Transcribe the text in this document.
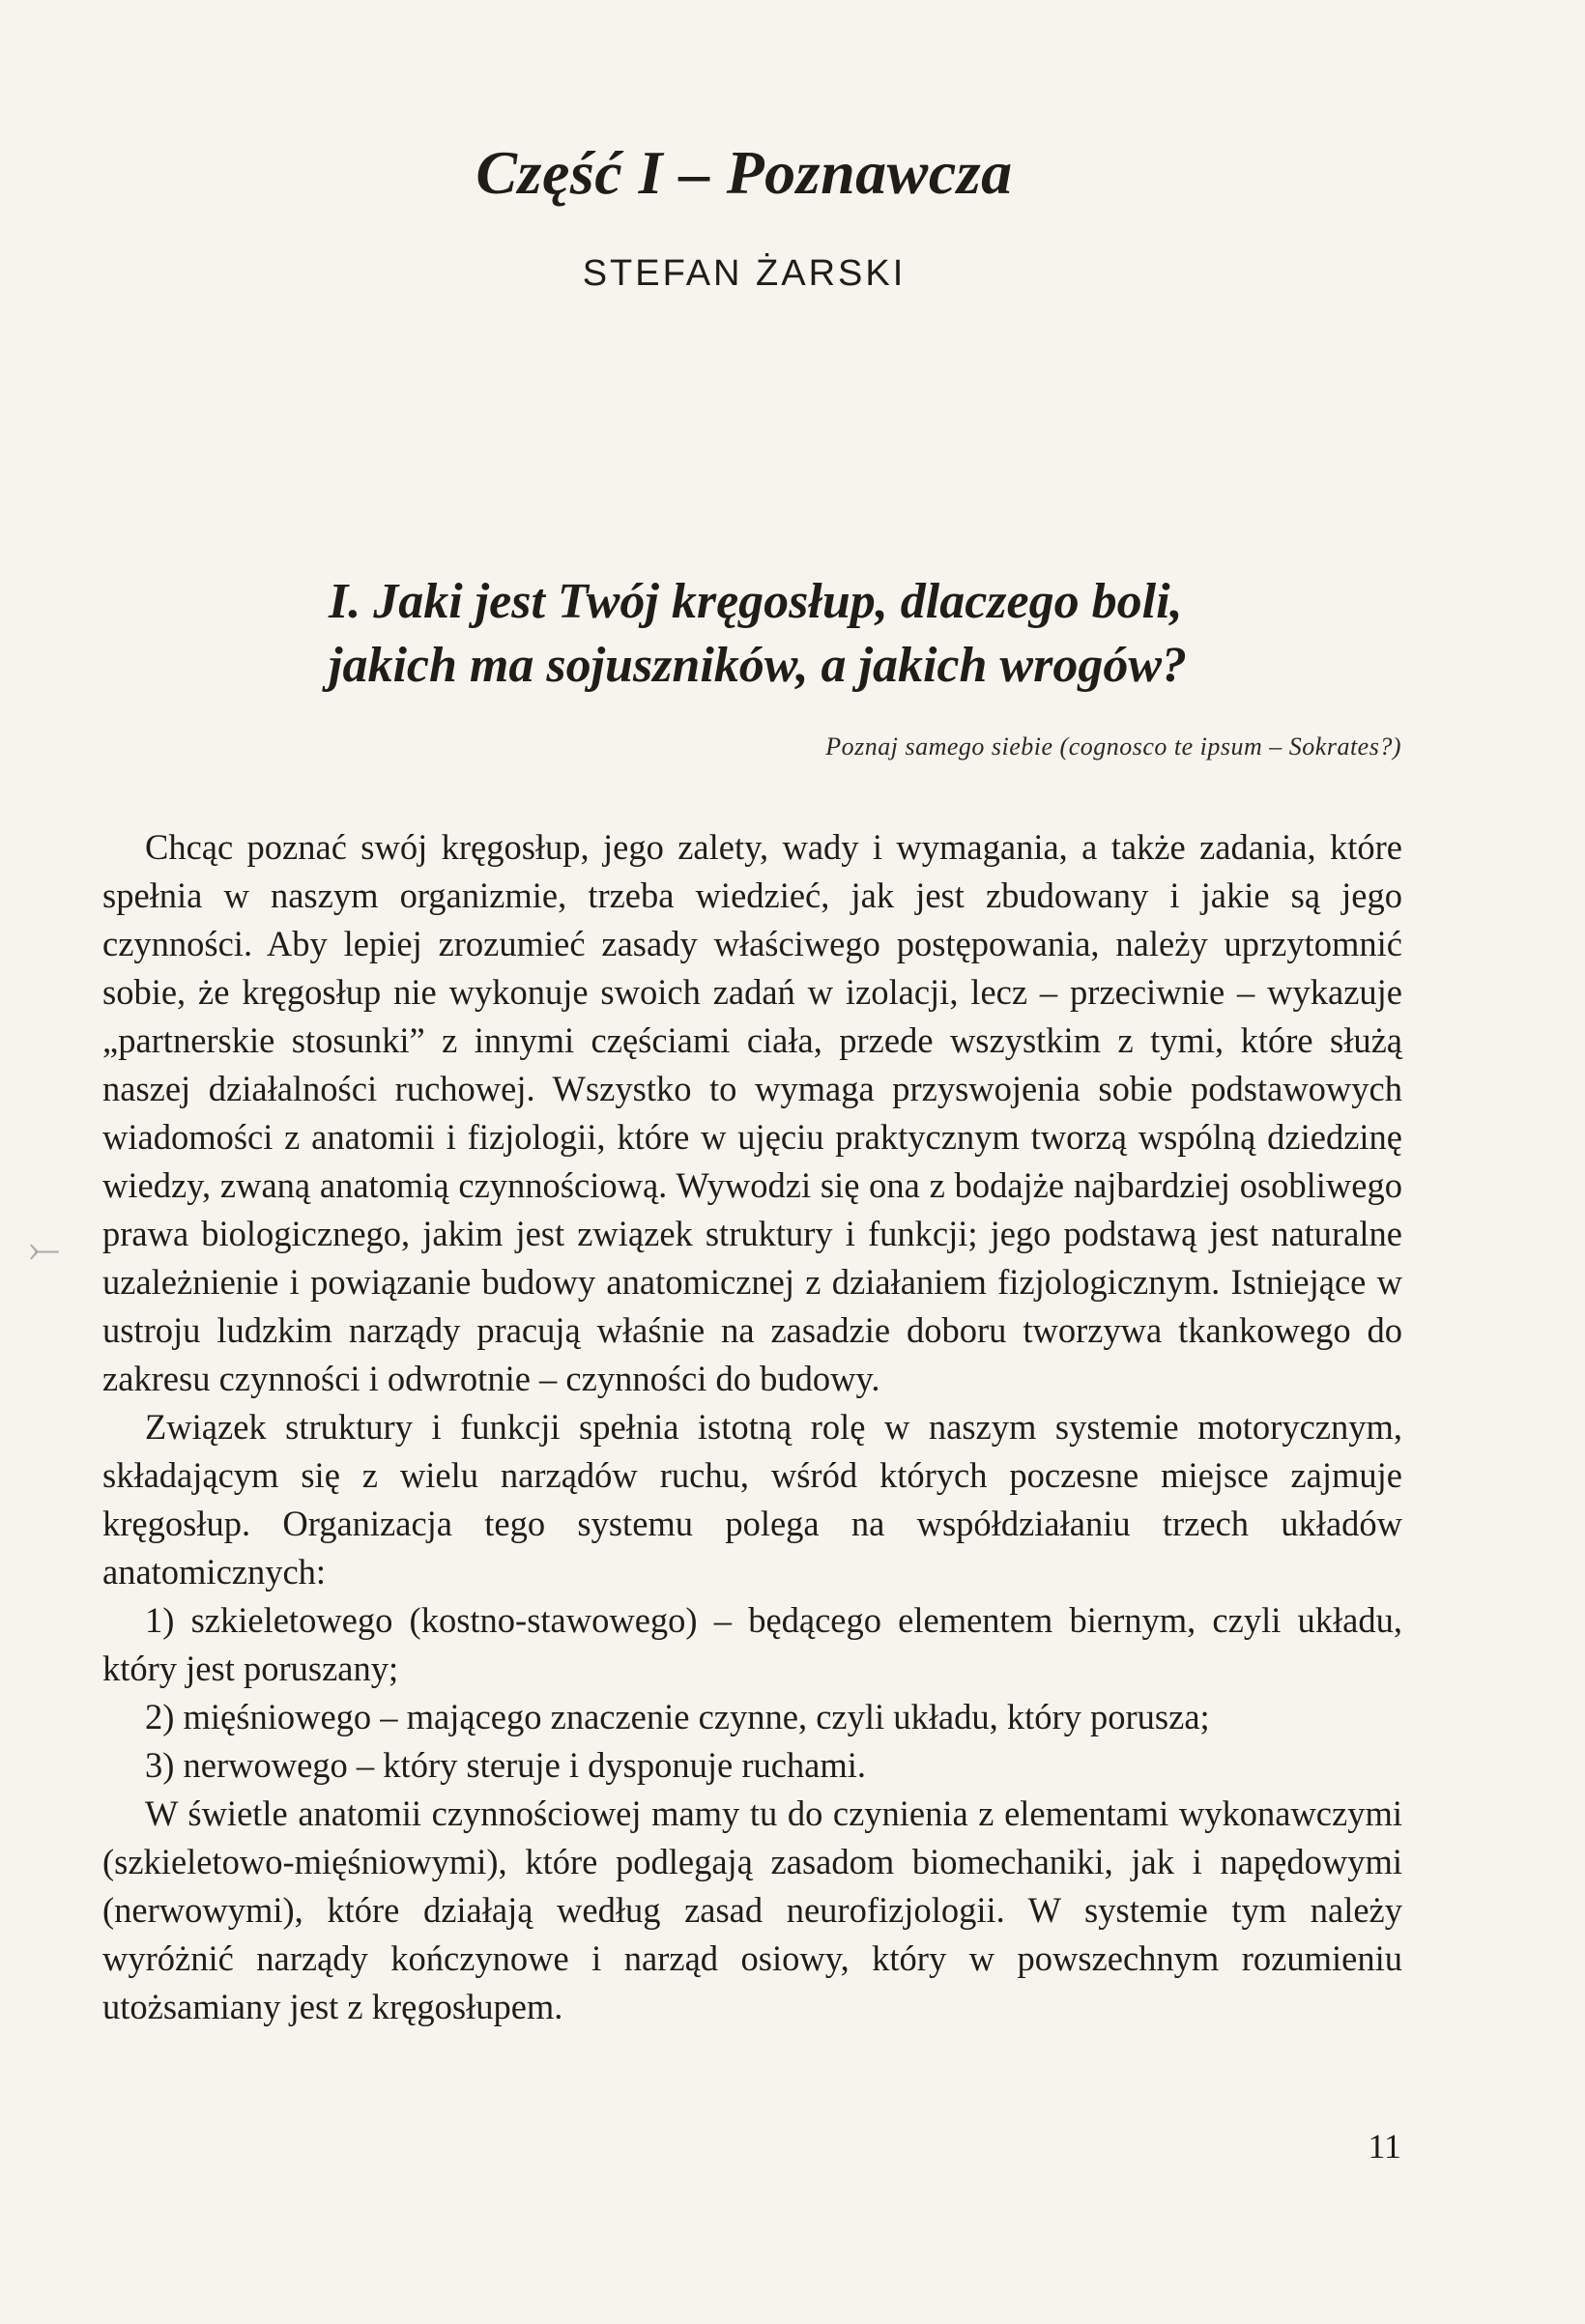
Część I – Poznawcza
STEFAN ŻARSKI
I. Jaki jest Twój kręgosłup, dlaczego boli,
jakich ma sojuszników, a jakich wrogów?
Poznaj samego siebie (cognosco te ipsum – Sokrates?)

Chcąc poznać swój kręgosłup, jego zalety, wady i wymagania, a także zadania, które spełnia w naszym organizmie, trzeba wiedzieć, jak jest zbudowany i jakie są jego czynności. Aby lepiej zrozumieć zasady właściwego postępowania, należy uprzytomnić sobie, że kręgosłup nie wykonuje swoich zadań w izolacji, lecz – przeciwnie – wykazuje „partnerskie stosunki” z innymi częściami ciała, przede wszystkim z tymi, które służą naszej działalności ruchowej. Wszystko to wymaga przyswojenia sobie podstawowych wiadomości z anatomii i fizjologii, które w ujęciu praktycznym tworzą wspólną dziedzinę wiedzy, zwaną anatomią czynnościową. Wywodzi się ona z bodajże najbardziej osobliwego prawa biologicznego, jakim jest związek struktury i funkcji; jego podstawą jest naturalne uzależnienie i powiązanie budowy anatomicznej z działaniem fizjologicznym. Istniejące w ustroju ludzkim narządy pracują właśnie na zasadzie doboru tworzywa tkankowego do zakresu czynności i odwrotnie – czynności do budowy.

Związek struktury i funkcji spełnia istotną rolę w naszym systemie motorycznym, składającym się z wielu narządów ruchu, wśród których poczesne miejsce zajmuje kręgosłup. Organizacja tego systemu polega na współdziałaniu trzech układów anatomicznych:

1) szkieletowego (kostno-stawowego) – będącego elementem biernym, czyli układu, który jest poruszany;

2) mięśniowego – mającego znaczenie czynne, czyli układu, który porusza;

3) nerwowego – który steruje i dysponuje ruchami.

W świetle anatomii czynnościowej mamy tu do czynienia z elementami wykonawczymi (szkieletowo-mięśniowymi), które podlegają zasadom biomechaniki, jak i napędowymi (nerwowymi), które działają według zasad neurofizjologii. W systemie tym należy wyróżnić narządy kończynowe i narząd osiowy, który w powszechnym rozumieniu utożsamiany jest z kręgosłupem.

11
⤚
